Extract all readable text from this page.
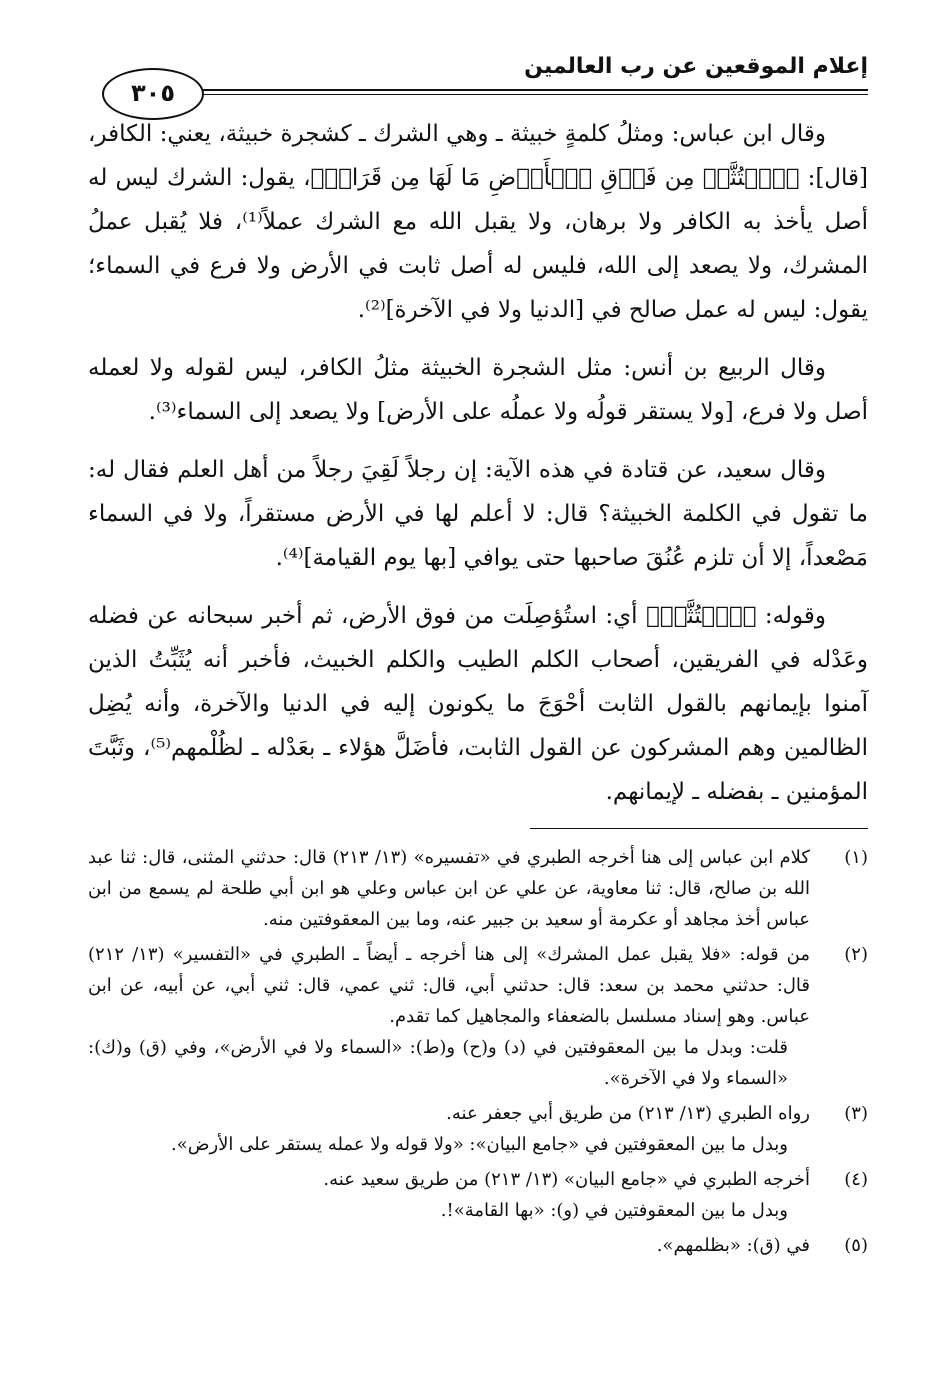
إعلام الموقعين عن رب العالمين
٣٠٥

وقال ابن عباس: ومثلُ كلمةٍ خبيثة ـ وهي الشرك ـ كشجرة خبيثة، يعني: الكافر، [قال]: ﴿ٱجۡتُثَّتۡ مِن فَوۡقِ ٱلۡأَرۡضِ مَا لَهَا مِن قَرَارٖ﴾، يقول: الشرك ليس له أصل يأخذ به الكافر ولا برهان، ولا يقبل الله مع الشرك عملاً⁽¹⁾، فلا يُقبل عملُ المشرك، ولا يصعد إلى الله، فليس له أصل ثابت في الأرض ولا فرع في السماء؛ يقول: ليس له عمل صالح في [الدنيا ولا في الآخرة]⁽²⁾.

وقال الربيع بن أنس: مثل الشجرة الخبيثة مثلُ الكافر، ليس لقوله ولا لعمله أصل ولا فرع، [ولا يستقر قولُه ولا عملُه على الأرض] ولا يصعد إلى السماء⁽³⁾.

وقال سعيد، عن قتادة في هذه الآية: إن رجلاً لَقِيَ رجلاً من أهل العلم فقال له: ما تقول في الكلمة الخبيثة؟ قال: لا أعلم لها في الأرض مستقراً، ولا في السماء مَصْعداً، إلا أن تلزم عُنُقَ صاحبها حتى يوافي [بها يوم القيامة]⁽⁴⁾.

وقوله: ﴿ٱجۡتُثَّتۡ﴾ أي: استُؤصِلَت من فوق الأرض، ثم أخبر سبحانه عن فضله وعَدْله في الفريقين، أصحاب الكلم الطيب والكلم الخبيث، فأخبر أنه يُثَبِّتُ الذين آمنوا بإيمانهم بالقول الثابت أحْوَجَ ما يكونون إليه في الدنيا والآخرة، وأنه يُضِل الظالمين وهم المشركون عن القول الثابت، فأضَلَّ هؤلاء ـ بعَدْله ـ لظُلْمهم⁽⁵⁾، وثَبَّتَ المؤمنين ـ بفضله ـ لإيمانهم.

(١)
كلام ابن عباس إلى هنا أخرجه الطبري في «تفسيره» (١٣/ ٢١٣) قال: حدثني المثنى، قال: ثنا عبد الله بن صالح، قال: ثنا معاوية، عن علي عن ابن عباس وعلي هو ابن أبي طلحة لم يسمع من ابن عباس أخذ مجاهد أو عكرمة أو سعيد بن جبير عنه، وما بين المعقوفتين منه.
(٢)
من قوله: «فلا يقبل عمل المشرك» إلى هنا أخرجه ـ أيضاً ـ الطبري في «التفسير» (١٣/ ٢١٢) قال: حدثني محمد بن سعد: قال: حدثني أبي، قال: ثني عمي، قال: ثني أبي، عن أبيه، عن ابن عباس. وهو إسناد مسلسل بالضعفاء والمجاهيل كما تقدم.
قلت: وبدل ما بين المعقوفتين في (د) و(ح) و(ط): «السماء ولا في الأرض»، وفي (ق) و(ك): «السماء ولا في الآخرة».
(٣)
رواه الطبري (١٣/ ٢١٣) من طريق أبي جعفر عنه.
وبدل ما بين المعقوفتين في «جامع البيان»: «ولا قوله ولا عمله يستقر على الأرض».
(٤)
أخرجه الطبري في «جامع البيان» (١٣/ ٢١٣) من طريق سعيد عنه.
وبدل ما بين المعقوفتين في (و): «بها القامة»!.
(٥)
في (ق): «بظلمهم».
